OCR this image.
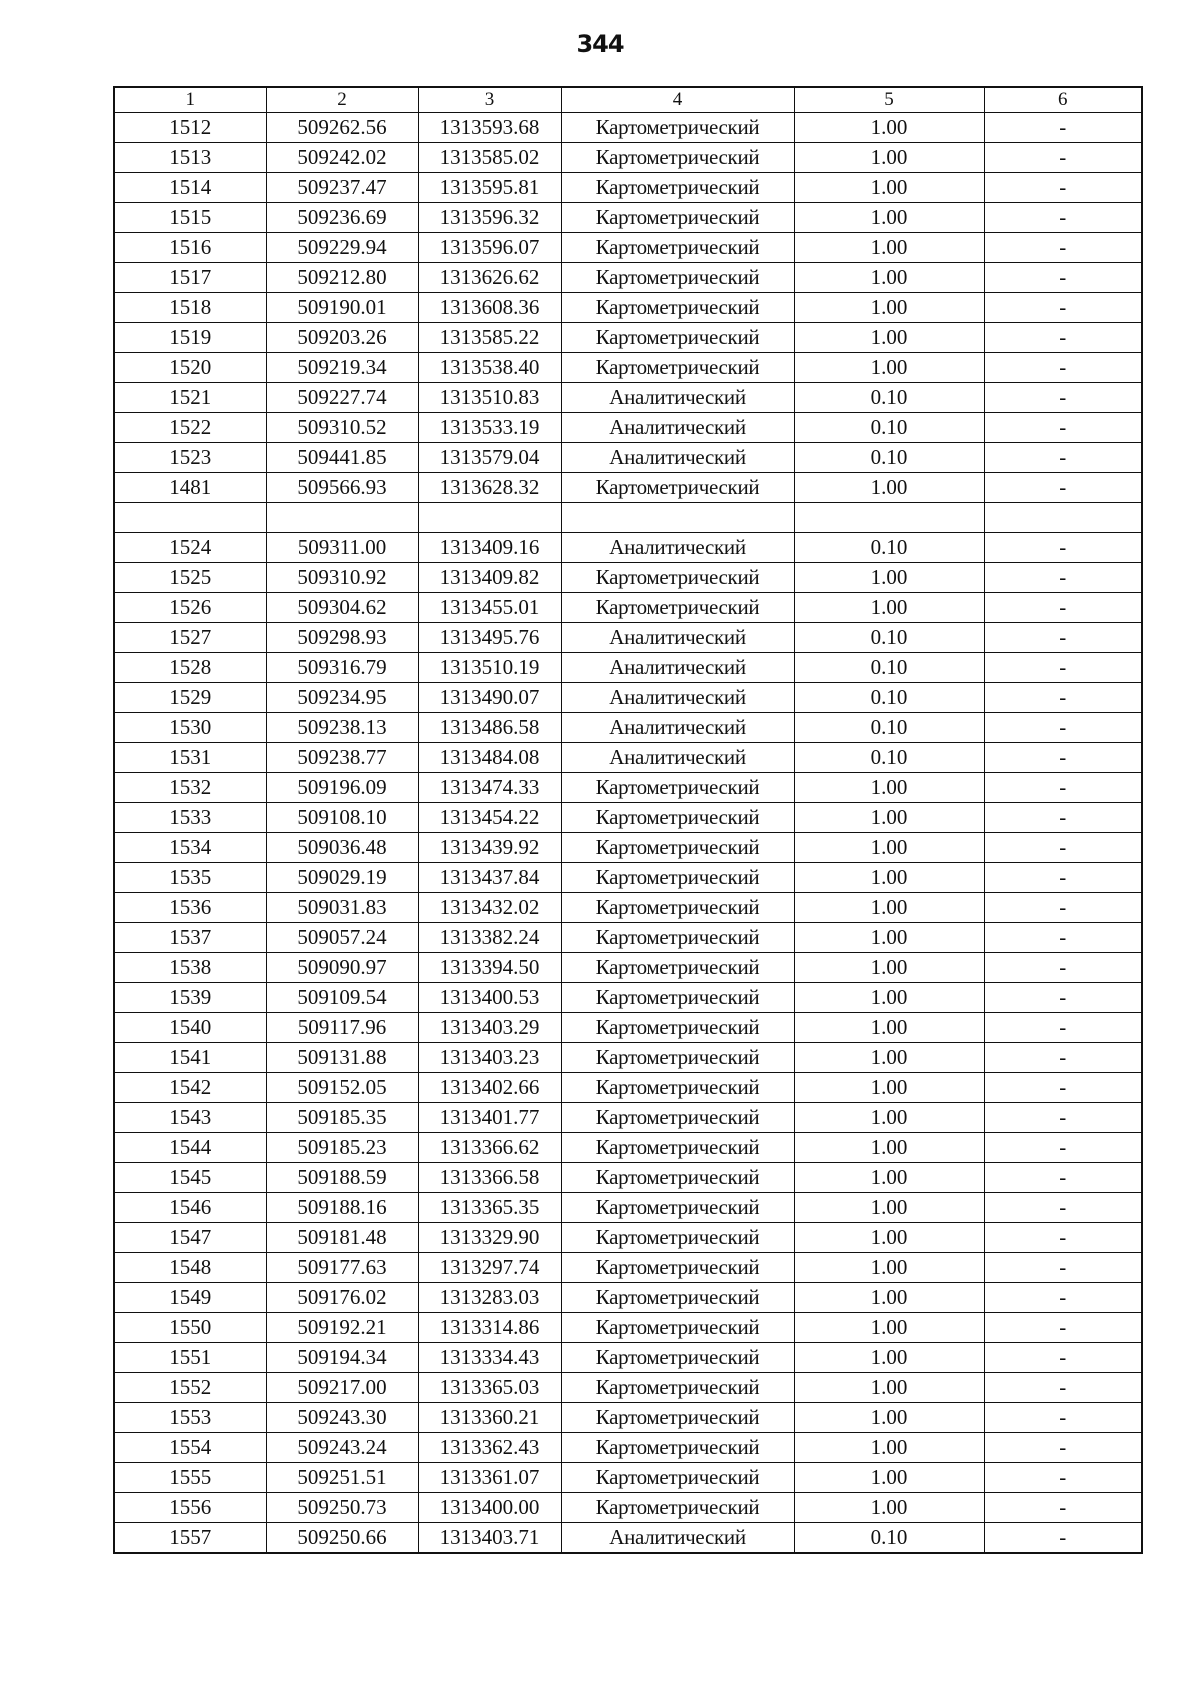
344
1	2	3	4	5	6
1512	509262.56	1313593.68	Картометрический	1.00	-
1513	509242.02	1313585.02	Картометрический	1.00	-
1514	509237.47	1313595.81	Картометрический	1.00	-
1515	509236.69	1313596.32	Картометрический	1.00	-
1516	509229.94	1313596.07	Картометрический	1.00	-
1517	509212.80	1313626.62	Картометрический	1.00	-
1518	509190.01	1313608.36	Картометрический	1.00	-
1519	509203.26	1313585.22	Картометрический	1.00	-
1520	509219.34	1313538.40	Картометрический	1.00	-
1521	509227.74	1313510.83	Аналитический	0.10	-
1522	509310.52	1313533.19	Аналитический	0.10	-
1523	509441.85	1313579.04	Аналитический	0.10	-
1481	509566.93	1313628.32	Картометрический	1.00	-

1524	509311.00	1313409.16	Аналитический	0.10	-
1525	509310.92	1313409.82	Картометрический	1.00	-
1526	509304.62	1313455.01	Картометрический	1.00	-
1527	509298.93	1313495.76	Аналитический	0.10	-
1528	509316.79	1313510.19	Аналитический	0.10	-
1529	509234.95	1313490.07	Аналитический	0.10	-
1530	509238.13	1313486.58	Аналитический	0.10	-
1531	509238.77	1313484.08	Аналитический	0.10	-
1532	509196.09	1313474.33	Картометрический	1.00	-
1533	509108.10	1313454.22	Картометрический	1.00	-
1534	509036.48	1313439.92	Картометрический	1.00	-
1535	509029.19	1313437.84	Картометрический	1.00	-
1536	509031.83	1313432.02	Картометрический	1.00	-
1537	509057.24	1313382.24	Картометрический	1.00	-
1538	509090.97	1313394.50	Картометрический	1.00	-
1539	509109.54	1313400.53	Картометрический	1.00	-
1540	509117.96	1313403.29	Картометрический	1.00	-
1541	509131.88	1313403.23	Картометрический	1.00	-
1542	509152.05	1313402.66	Картометрический	1.00	-
1543	509185.35	1313401.77	Картометрический	1.00	-
1544	509185.23	1313366.62	Картометрический	1.00	-
1545	509188.59	1313366.58	Картометрический	1.00	-
1546	509188.16	1313365.35	Картометрический	1.00	-
1547	509181.48	1313329.90	Картометрический	1.00	-
1548	509177.63	1313297.74	Картометрический	1.00	-
1549	509176.02	1313283.03	Картометрический	1.00	-
1550	509192.21	1313314.86	Картометрический	1.00	-
1551	509194.34	1313334.43	Картометрический	1.00	-
1552	509217.00	1313365.03	Картометрический	1.00	-
1553	509243.30	1313360.21	Картометрический	1.00	-
1554	509243.24	1313362.43	Картометрический	1.00	-
1555	509251.51	1313361.07	Картометрический	1.00	-
1556	509250.73	1313400.00	Картометрический	1.00	-
1557	509250.66	1313403.71	Аналитический	0.10	-
